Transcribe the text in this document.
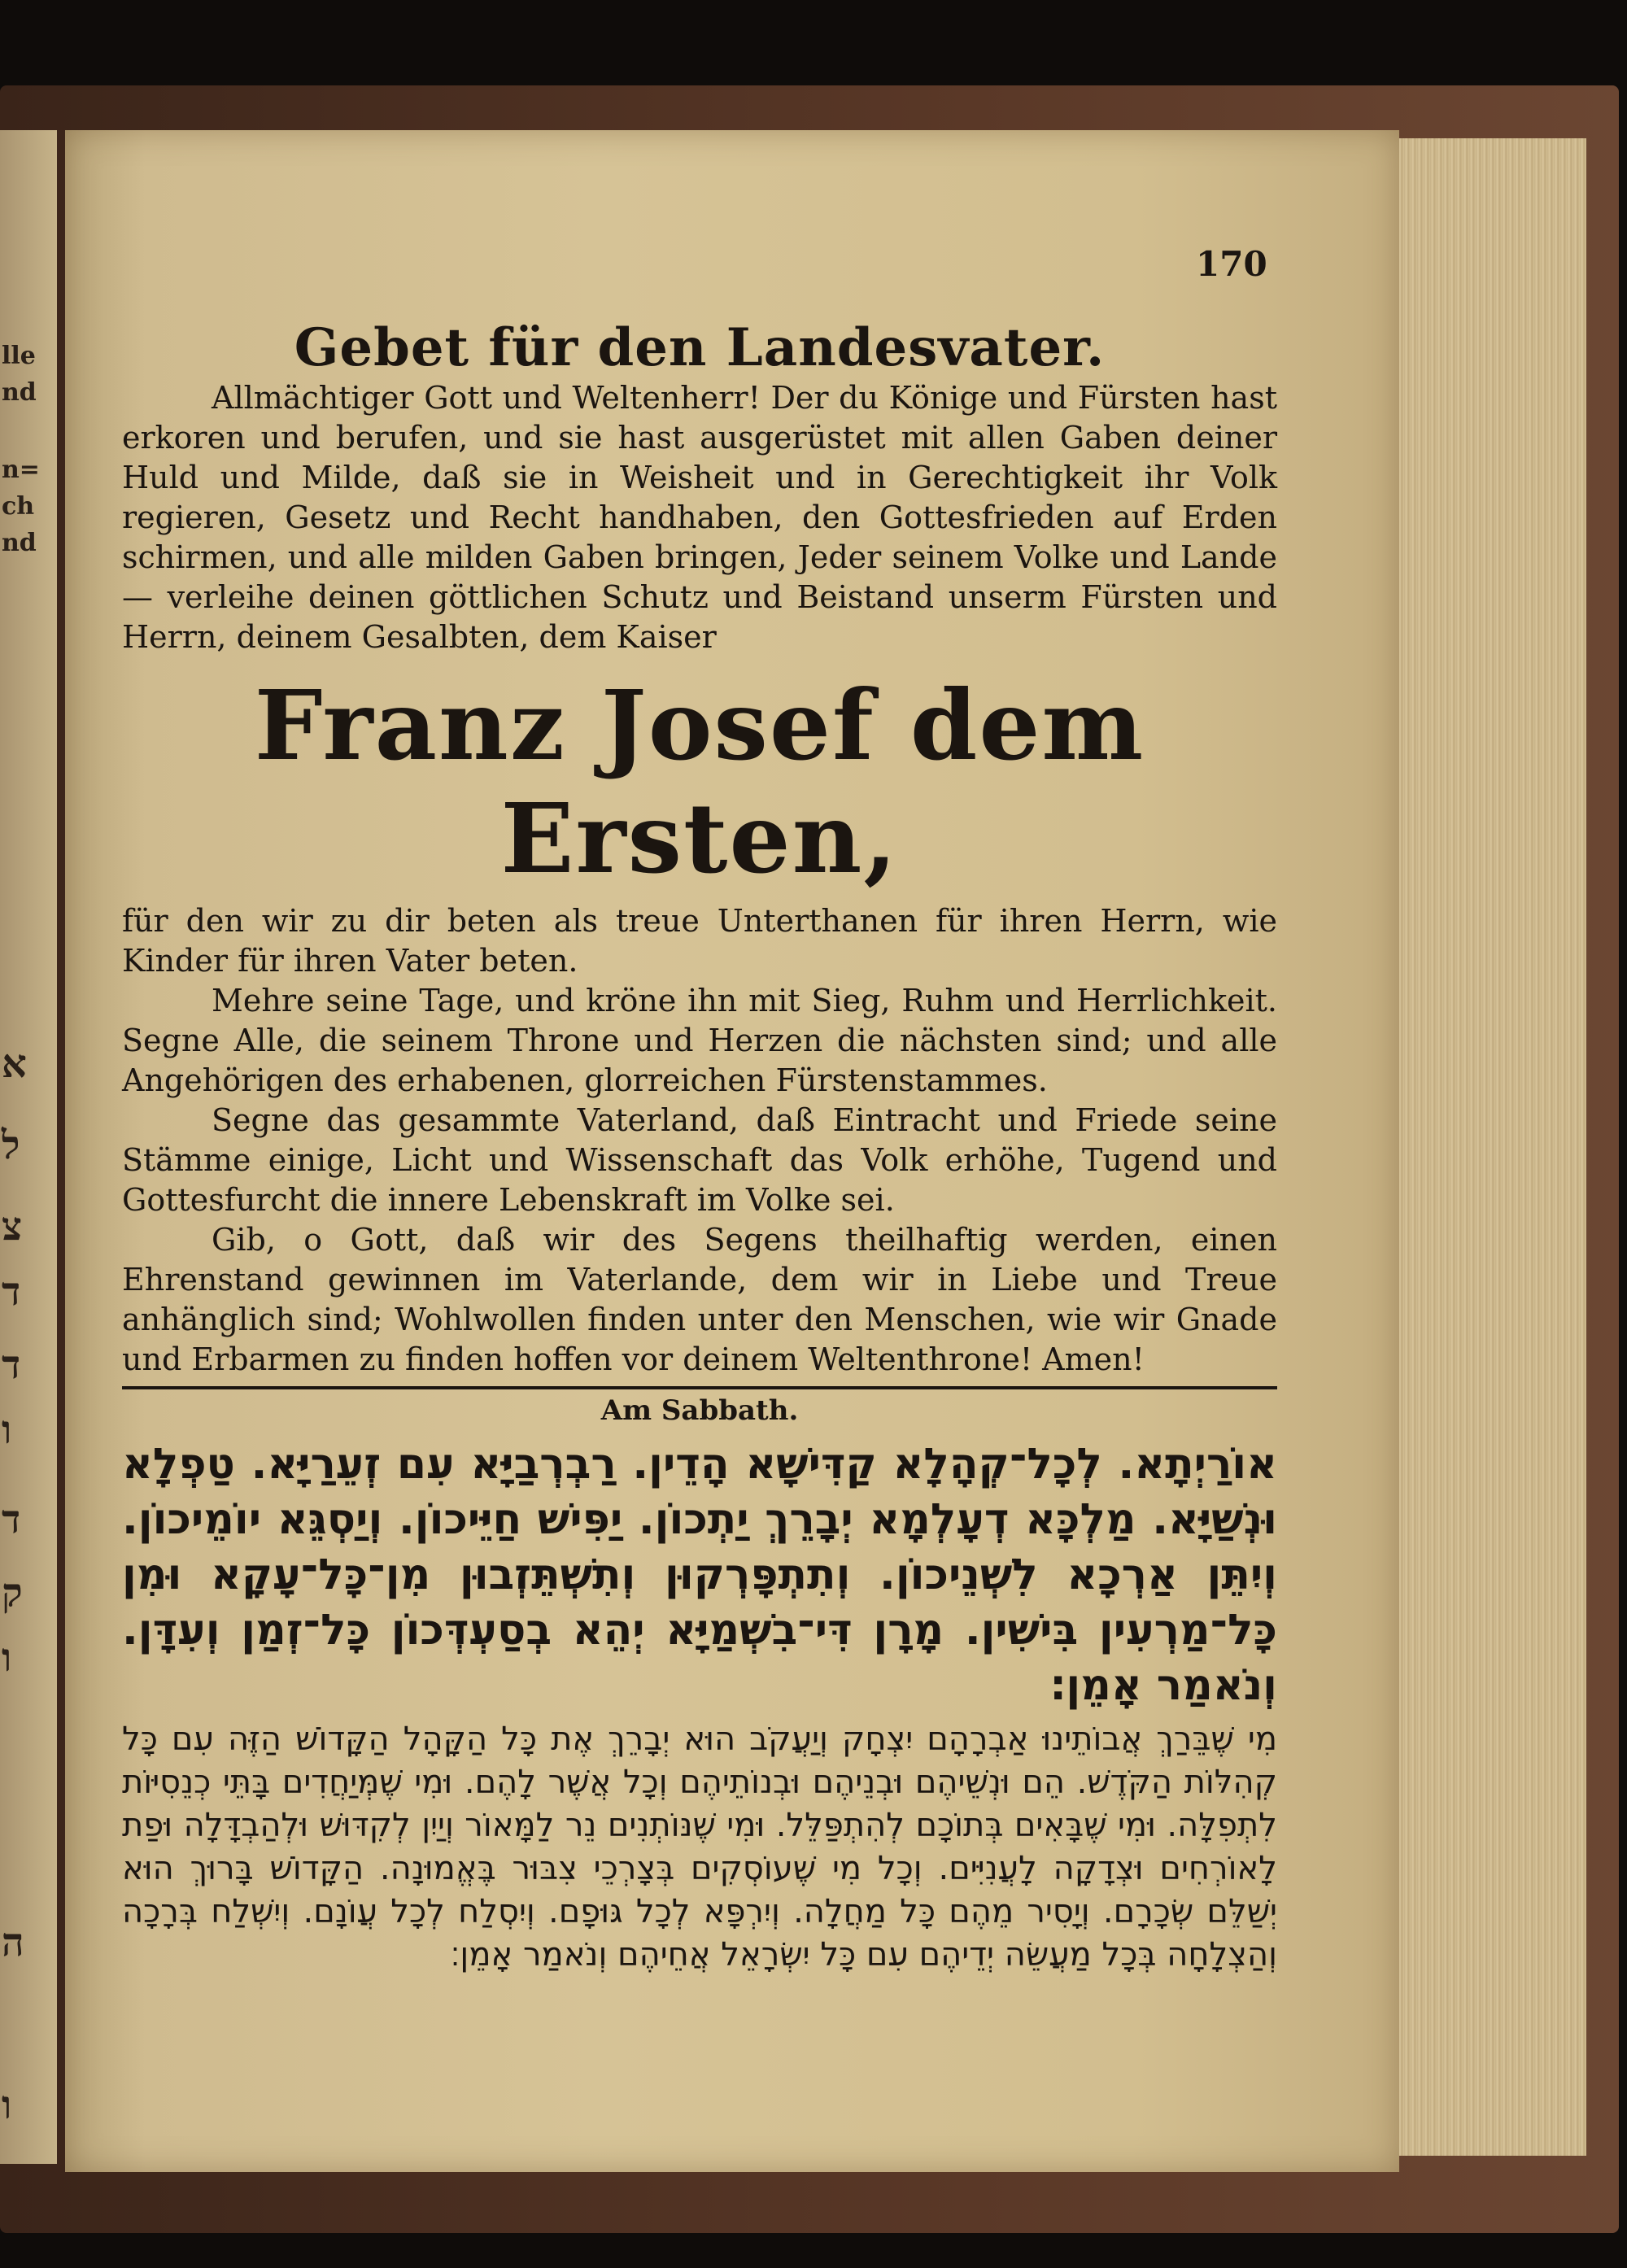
lle
nd
n=
ch
nd
א
ל
צ
ד
ד
ו
ד
ק
ו
ה
ו
170
Gebet für den Landesvater.

Allmächtiger Gott und Weltenherr! Der du Könige und Fürsten hast erkoren und berufen, und sie hast ausgerüstet mit allen Gaben deiner Huld und Milde, daß sie in Weisheit und in Gerechtigkeit ihr Volk regieren, Gesetz und Recht handhaben, den Gottesfrieden auf Erden schirmen, und alle milden Gaben bringen, Jeder seinem Volke und Lande — verleihe deinen göttlichen Schutz und Beistand unserm Fürsten und Herrn, deinem Gesalbten, dem Kaiser

Franz Josef dem Ersten,

für den wir zu dir beten als treue Unterthanen für ihren Herrn, wie Kinder für ihren Vater beten.

Mehre seine Tage, und kröne ihn mit Sieg, Ruhm und Herrlichkeit. Segne Alle, die seinem Throne und Herzen die nächsten sind; und alle Angehörigen des erhabenen, glorreichen Fürstenstammes.

Segne das gesammte Vaterland, daß Eintracht und Friede seine Stämme einige, Licht und Wissenschaft das Volk erhöhe, Tugend und Gottesfurcht die innere Lebenskraft im Volke sei.

Gib, o Gott, daß wir des Segens theilhaftig werden, einen Ehrenstand gewinnen im Vaterlande, dem wir in Liebe und Treue anhänglich sind; Wohlwollen finden unter den Menschen, wie wir Gnade und Erbarmen zu finden hoffen vor deinem Weltenthrone! Amen!

Am Sabbath.

אוֹרַיְתָא. לְכָל־קְהָלָא קַדִּישָׁא הָדֵין. רַבְרְבַיָּא עִם זְעֵרַיָּא. טַפְלָא וּנְשַׁיָּא. מַלְכָּא דְעָלְמָא יְבָרֵךְ יַתְכוֹן. יַפִּישׁ חַיֵּיכוֹן. וְיַסְגֵּא יוֹמֵיכוֹן. וְיִתֵּן אַרְכָא לִשְׁנֵיכוֹן. וְתִתְפָּרְקוּן וְתִשְׁתֵּזְבוּן מִן־כָּל־עָקָא וּמִן כָּל־מַרְעִין בִּישִׁין. מָרָן דִּי־בִשְׁמַיָּא יְהֵא בְסַעְדְּכוֹן כָּל־זְמַן וְעִדָּן. וְנֹאמַר אָמֵן׃

מִי שֶׁבֵּרַךְ אֲבוֹתֵינוּ אַבְרָהָם יִצְחָק וְיַעֲקֹב הוּא יְבָרֵךְ אֶת כָּל הַקָּהָל הַקָּדוֹשׁ הַזֶּה עִם כָּל קְהִלּוֹת הַקֹּדֶשׁ. הֵם וּנְשֵׁיהֶם וּבְנֵיהֶם וּבְנוֹתֵיהֶם וְכָל אֲשֶׁר לָהֶם. וּמִי שֶׁמְּיַחֲדִים בָּתֵּי כְנֵסִיּוֹת לִתְפִלָּה. וּמִי שֶׁבָּאִים בְּתוֹכָם לְהִתְפַּלֵּל. וּמִי שֶׁנּוֹתְנִים נֵר לַמָּאוֹר וְיַיִן לְקִדּוּשׁ וּלְהַבְדָּלָה וּפַת לָאוֹרְחִים וּצְדָקָה לָעֲנִיִּים. וְכָל מִי שֶׁעוֹסְקִים בְּצָרְכֵי צִבּוּר בֶּאֱמוּנָה. הַקָּדוֹשׁ בָּרוּךְ הוּא יְשַׁלֵּם שְׂכָרָם. וְיָסִיר מֵהֶם כָּל מַחֲלָה. וְיִרְפָּא לְכָל גּוּפָם. וְיִסְלַח לְכָל עֲוֹנָם. וְיִשְׁלַח בְּרָכָה וְהַצְלָחָה בְּכָל מַעֲשֵׂה יְדֵיהֶם עִם כָּל יִשְׂרָאֵל אֲחֵיהֶם וְנֹאמַר אָמֵן׃
